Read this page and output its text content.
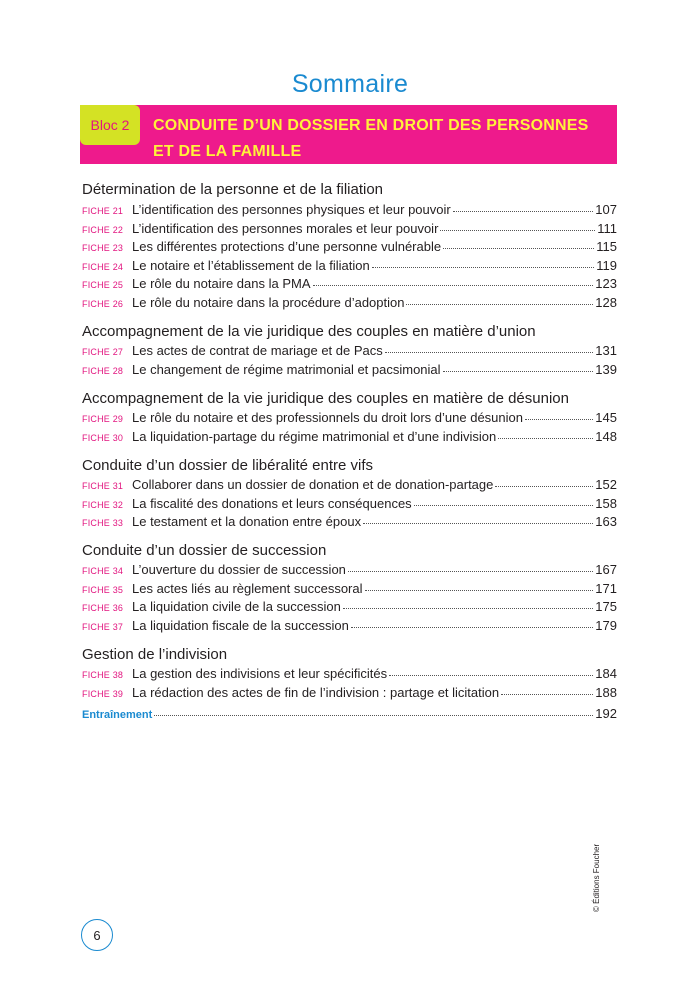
Sommaire
Bloc 2	CONDUITE D’UN DOSSIER EN DROIT DES PERSONNES
ET DE LA FAMILLE
Détermination de la personne et de la filiation
FICHE 21 L’identification des personnes physiques et leur pouvoir	107
FICHE 22 L’identification des personnes morales et leur pouvoir	111
FICHE 23 Les différentes protections d’une personne vulnérable	115
FICHE 24 Le notaire et l’établissement de la filiation	119
FICHE 25 Le rôle du notaire dans la PMA	123
FICHE 26 Le rôle du notaire dans la procédure d’adoption	128
Accompagnement de la vie juridique des couples en matière d’union
FICHE 27 Les actes de contrat de mariage et de Pacs	131
FICHE 28 Le changement de régime matrimonial et pacsimonial	139
Accompagnement de la vie juridique des couples en matière de désunion
FICHE 29 Le rôle du notaire et des professionnels du droit lors d’une désunion	145
FICHE 30 La liquidation-partage du régime matrimonial et d’une indivision	148
Conduite d’un dossier de libéralité entre vifs
FICHE 31 Collaborer dans un dossier de donation et de donation-partage	152
FICHE 32 La fiscalité des donations et leurs conséquences	158
FICHE 33 Le testament et la donation entre époux	163
Conduite d’un dossier de succession
FICHE 34 L’ouverture du dossier de succession	167
FICHE 35 Les actes liés au règlement successoral	171
FICHE 36 La liquidation civile de la succession	175
FICHE 37 La liquidation fiscale de la succession	179
Gestion de l’indivision
FICHE 38 La gestion des indivisions et leur spécificités	184
FICHE 39 La rédaction des actes de fin de l’indivision : partage et licitation	188
Entraînement	192
6
© Éditions Foucher
